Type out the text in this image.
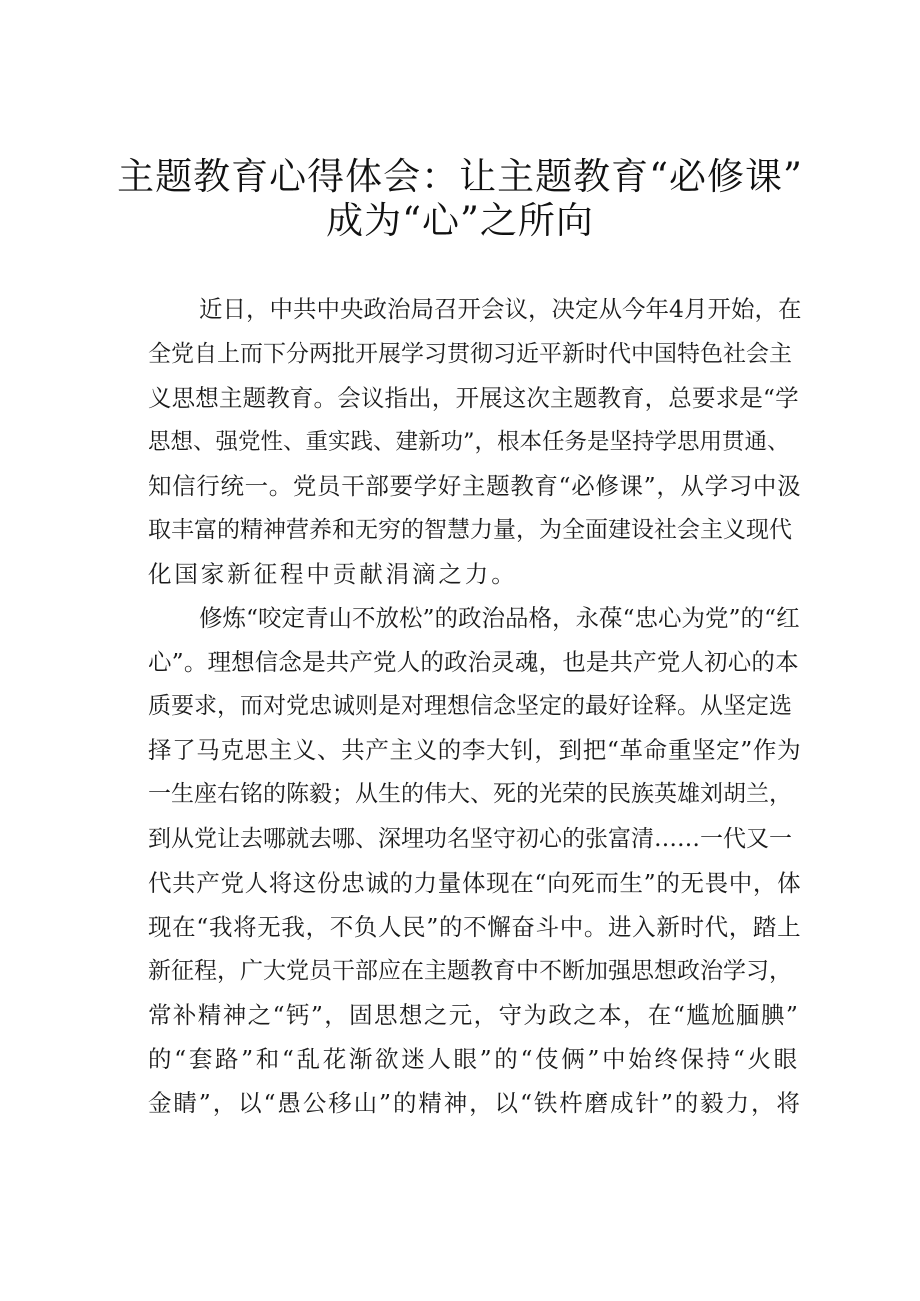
主题教育心得体会：让主题教育“必修课”
成为“心”之所向
近日，中共中央政治局召开会议，决定从今年4月开始，在
全党自上而下分两批开展学习贯彻习近平新时代中国特色社会主
义思想主题教育。会议指出，开展这次主题教育，总要求是“学
思想、强党性、重实践、建新功”，根本任务是坚持学思用贯通、
知信行统一。党员干部要学好主题教育“必修课”，从学习中汲
取丰富的精神营养和无穷的智慧力量，为全面建设社会主义现代
化国家新征程中贡献涓滴之力。
修炼“咬定青山不放松”的政治品格，永葆“忠心为党”的“红
心”。理想信念是共产党人的政治灵魂，也是共产党人初心的本
质要求，而对党忠诚则是对理想信念坚定的最好诠释。从坚定选
择了马克思主义、共产主义的李大钊，到把“革命重坚定”作为
一生座右铭的陈毅；从生的伟大、死的光荣的民族英雄刘胡兰，
到从党让去哪就去哪、深埋功名坚守初心的张富清……一代又一
代共产党人将这份忠诚的力量体现在“向死而生”的无畏中，体
现在“我将无我，不负人民”的不懈奋斗中。进入新时代，踏上
新征程，广大党员干部应在主题教育中不断加强思想政治学习，
常补精神之“钙”，固思想之元，守为政之本，在“尴尬腼腆”
的“套路”和“乱花渐欲迷人眼”的“伎俩”中始终保持“火眼
金睛”，以“愚公移山”的精神，以“铁杵磨成针”的毅力，将
